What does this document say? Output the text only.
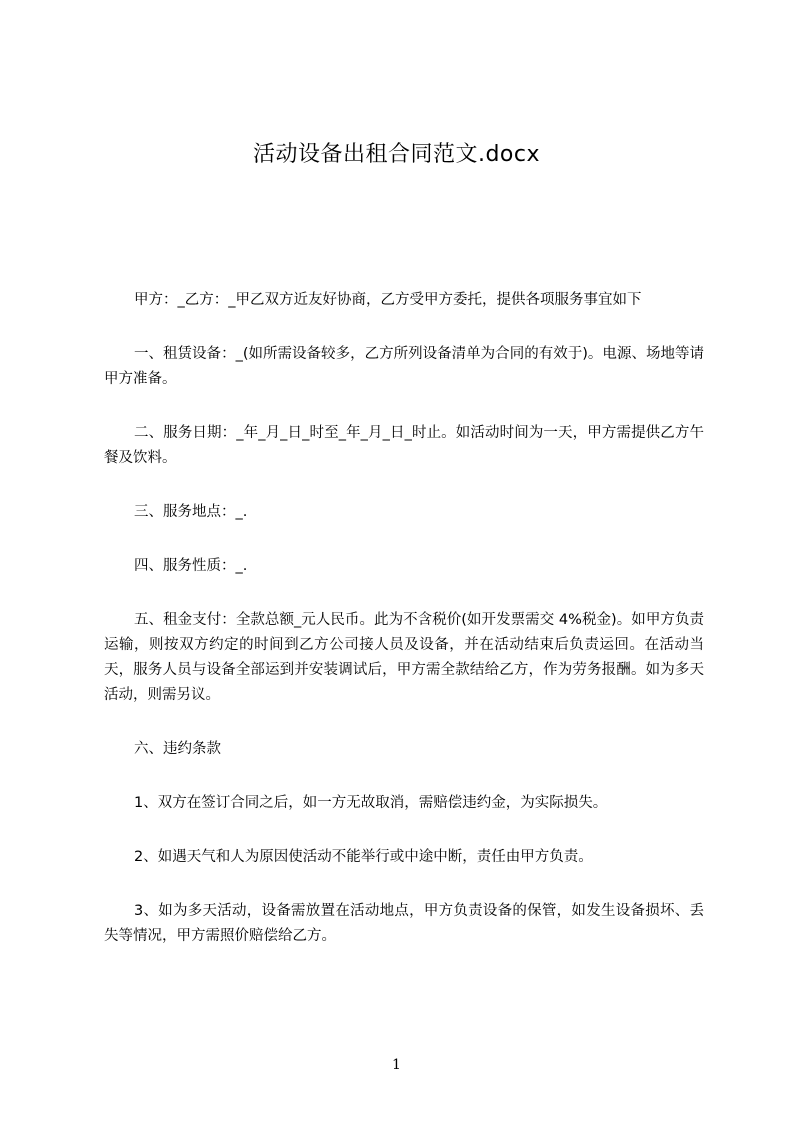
活动设备出租合同范文.docx

甲方：_乙方：_甲乙双方近友好协商，乙方受甲方委托，提供各项服务事宜如下

一、租赁设备：_(如所需设备较多，乙方所列设备清单为合同的有效于)。电源、场地等请甲方准备。

二、服务日期：_年_月_日_时至_年_月_日_时止。如活动时间为一天，甲方需提供乙方午餐及饮料。

三、服务地点：_.

四、服务性质：_.

五、租金支付：全款总额_元人民币。此为不含税价(如开发票需交 4%税金)。如甲方负责运输，则按双方约定的时间到乙方公司接人员及设备，并在活动结束后负责运回。在活动当天，服务人员与设备全部运到并安装调试后，甲方需全款结给乙方，作为劳务报酬。如为多天活动，则需另议。

六、违约条款

1、双方在签订合同之后，如一方无故取消，需赔偿违约金，为实际损失。

2、如遇天气和人为原因使活动不能举行或中途中断，责任由甲方负责。

3、如为多天活动，设备需放置在活动地点，甲方负责设备的保管，如发生设备损坏、丢失等情况，甲方需照价赔偿给乙方。

1
